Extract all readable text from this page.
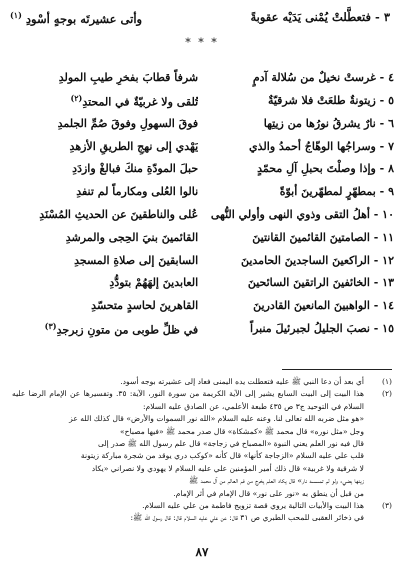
٣ - فتعطَّلتْ يُمْنى يَدَيْه عقوبةً
وأتى عشيرتَه بوجهٍ أسْودِ $^{(١)}$
* * *
٤ - غرستْ نخيلٌ من سُلالة آدمٍ
شرفاً قطابَ بفخرِ طيبِ المولدِ
٥ - زيتونةٌ طلعَتْ فلا شرقيّةٌ
تُلقى ولا غربيّةٌ في المحتدِ$^{(٢)}$
٦ - نارٌ يشرقُ نورُها من زيتِها
فوقَ السهولِ وفوقَ صُمِّ الجلمدِ
٧ - وسراجُها الوهّاجُ أحمدُ والذي
يَهْدي إلى نهجِ الطريقِ الأزهدِ
٨ - وإذا وصلْتَ بحبلِ آلِ محمّدٍ
حبلَ المودّةِ منكَ فبالغْ وازدَدِ
٩ - بمطهّرٍ لمطهّرينَ أبوّةً
نالوا العُلى ومكارماً لم تنفدِ
١٠ - أهلُ التقى وذوي النهى وأولي النُّهى
عُلى والناطقينَ عن الحديثِ المُسْنَدِ
١١ - الصامتينَ القائمينَ القانتينَ
القائمينَ بنيَ الحِجى والمرشدِ
١٢ - الراكعينَ الساجدينَ الحامدينَ
السابقينَ إلى صلاةِ المسجدِ
١٣ - الخائفينَ الراتقينَ السائحينَ
العابدينَ إلهَهُمْ بتودُّدِ
١٤ - الواهبينَ المانعينَ القادرينَ
القاهرينَ لحاسدٍ متحسّدِ
١٥ - نصبَ الجليلُ لجبرئيلَ منبراً
في ظلِّ طوبى من متونِ زبرجدِ$^{(٣)}$
(١)
أي بعد أن دعا النبي ﷺ عليه فتعطلت يده اليمنى فعاد إلى عشيرته بوجه أسود.
(٢)
هذا البيت إلى البيت السابع يشير إلى الآية الكريمة من سورة النور، الآية: ٣٥. وتفسيرها عن الإمام الرضا عليه السلام في التوحيد ج٣ ص ٤٣٥ طبعة الأعلمي، عن الصادق عليه السلام:
«هو مثل ضربه الله تعالى لنا. وعنه عليه السلام «الله نور السموات والأرض» قال كذلك الله عز
وجل «مثل نوره» قال محمد ﷺ «كمشكاة» قال صدر محمد ﷺ «فيها مصباح»
قال فيه نور العلم يعني النبوة «المصباح في زجاجة» قال علم رسول الله ﷺ صدر إلى
قلب علي عليه السلام «الزجاجة كأنها» قال كأنه «كوكب دري يوقد من شجرة مباركة زيتونة
لا شرقية ولا غربية» قال ذلك أمير المؤمنين علي عليه السلام لا يهودي ولا نصراني «يكاد
زيتها يضيء ولو لم تمسسه نار» قال يكاد العلم يخرج من فم العالم من آل محمد ﷺ
من قبل أن ينطق به «نور على نور» قال الإمام في أثر الإمام.
(٣)
هذا البيت والأبيات التالية يروي قصة تزويج فاطمة من علي عليه السلام.
في ذخائر العقبى للمحب الطبري ص ٣١ قال: عن علي عليه السلام قال: قال رسول الله ﷺ:
٨٧
